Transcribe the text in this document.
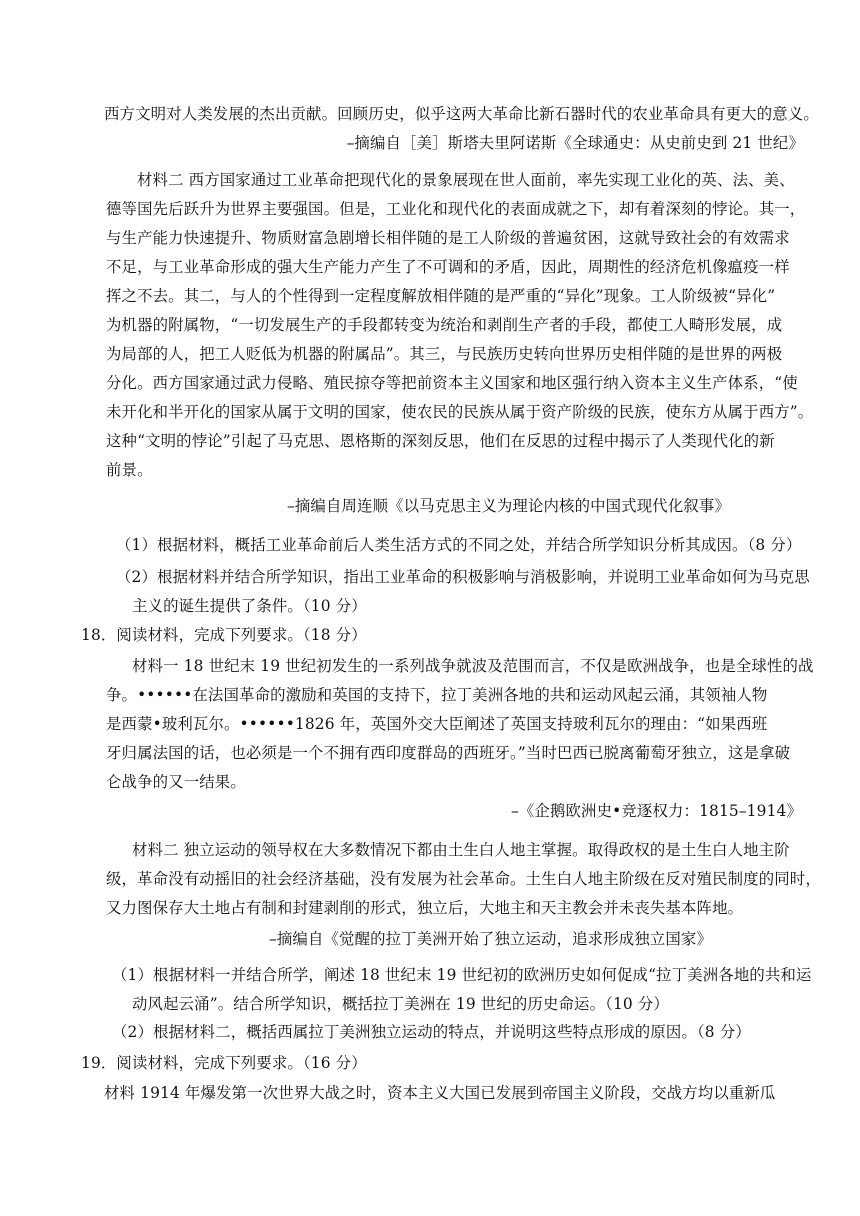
西方文明对人类发展的杰出贡献。回顾历史，似乎这两大革命比新石器时代的农业革命具有更大的意义。
–摘编自［美］斯塔夫里阿诺斯《全球通史：从史前史到 21 世纪》
材料二 西方国家通过工业革命把现代化的景象展现在世人面前，率先实现工业化的英、法、美、
德等国先后跃升为世界主要强国。但是，工业化和现代化的表面成就之下，却有着深刻的悖论。其一，
与生产能力快速提升、物质财富急剧增长相伴随的是工人阶级的普遍贫困，这就导致社会的有效需求
不足，与工业革命形成的强大生产能力产生了不可调和的矛盾，因此，周期性的经济危机像瘟疫一样
挥之不去。其二，与人的个性得到一定程度解放相伴随的是严重的“异化”现象。工人阶级被“异化”
为机器的附属物，“一切发展生产的手段都转变为统治和剥削生产者的手段，都使工人畸形发展，成
为局部的人，把工人贬低为机器的附属品”。其三，与民族历史转向世界历史相伴随的是世界的两极
分化。西方国家通过武力侵略、殖民掠夺等把前资本主义国家和地区强行纳入资本主义生产体系，“使
未开化和半开化的国家从属于文明的国家，使农民的民族从属于资产阶级的民族，使东方从属于西方”。
这种“文明的悖论”引起了马克思、恩格斯的深刻反思，他们在反思的过程中揭示了人类现代化的新
前景。
–摘编自周连顺《以马克思主义为理论内核的中国式现代化叙事》
（1）根据材料，概括工业革命前后人类生活方式的不同之处，并结合所学知识分析其成因。（8 分）
（2）根据材料并结合所学知识，指出工业革命的积极影响与消极影响，并说明工业革命如何为马克思
主义的诞生提供了条件。（10 分）
18．阅读材料，完成下列要求。（18 分）
材料一 18 世纪末 19 世纪初发生的一系列战争就波及范围而言，不仅是欧洲战争，也是全球性的战
争。••••••在法国革命的激励和英国的支持下，拉丁美洲各地的共和运动风起云涌，其领袖人物
是西蒙•玻利瓦尔。••••••1826 年，英国外交大臣阐述了英国支持玻利瓦尔的理由：“如果西班
牙归属法国的话，也必须是一个不拥有西印度群岛的西班牙。”当时巴西已脱离葡萄牙独立，这是拿破
仑战争的又一结果。
–《企鹅欧洲史•竞逐权力：1815–1914》
材料二 独立运动的领导权在大多数情况下都由土生白人地主掌握。取得政权的是土生白人地主阶
级，革命没有动摇旧的社会经济基础，没有发展为社会革命。土生白人地主阶级在反对殖民制度的同时，
又力图保存大土地占有制和封建剥削的形式，独立后，大地主和天主教会并未丧失基本阵地。
–摘编自《觉醒的拉丁美洲开始了独立运动，追求形成独立国家》
（1）根据材料一并结合所学，阐述 18 世纪末 19 世纪初的欧洲历史如何促成“拉丁美洲各地的共和运
动风起云涌”。结合所学知识，概括拉丁美洲在 19 世纪的历史命运。（10 分）
（2）根据材料二，概括西属拉丁美洲独立运动的特点，并说明这些特点形成的原因。（8 分）
19．阅读材料，完成下列要求。（16 分）
材料 1914 年爆发第一次世界大战之时，资本主义大国已发展到帝国主义阶段，交战方均以重新瓜
